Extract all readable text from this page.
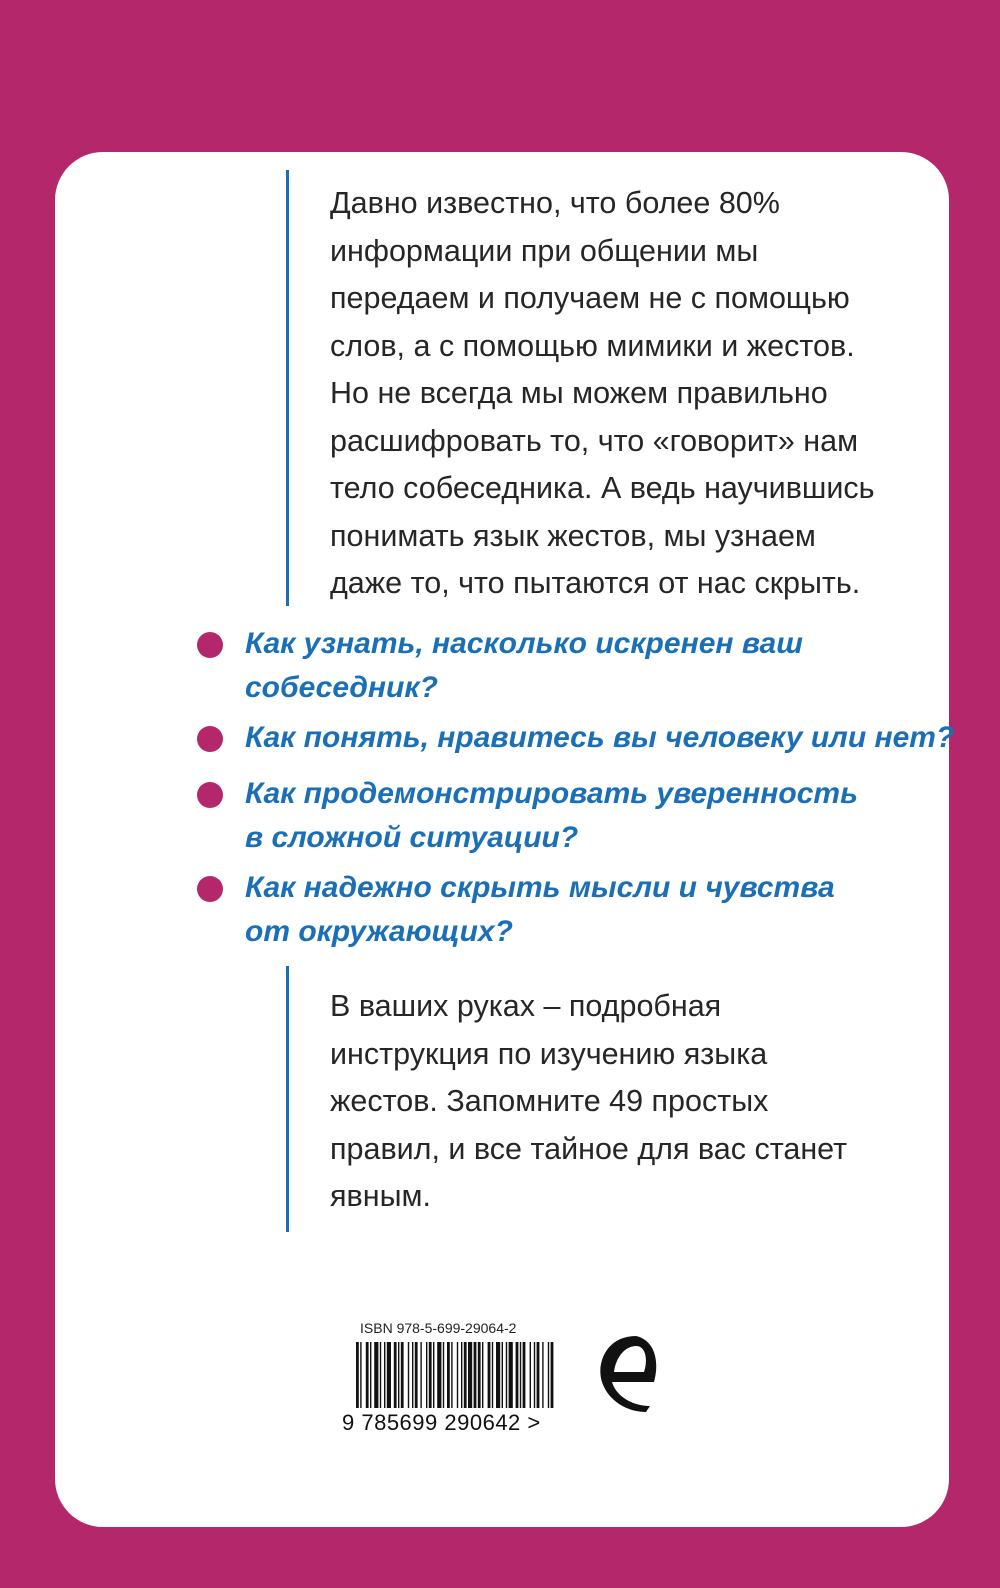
Давно известно, что более 80%
информации при общении мы
передаем и получаем не с помощью
слов, а с помощью мимики и жестов.
Но не всегда мы можем правильно
расшифровать то, что «говорит» нам
тело собеседника. А ведь научившись
понимать язык жестов, мы узнаем
даже то, что пытаются от нас скрыть.

Как узнать, насколько искренен ваш
собеседник?
Как понять, нравитесь вы человеку или нет?
Как продемонстрировать уверенность
в сложной ситуации?
Как надежно скрыть мысли и чувства
от окружающих?

В ваших руках – подробная
инструкция по изучению языка
жестов. Запомните 49 простых
правил, и все тайное для вас станет
явным.

ISBN 978-5-699-29064-2
9 785699 290642 >
